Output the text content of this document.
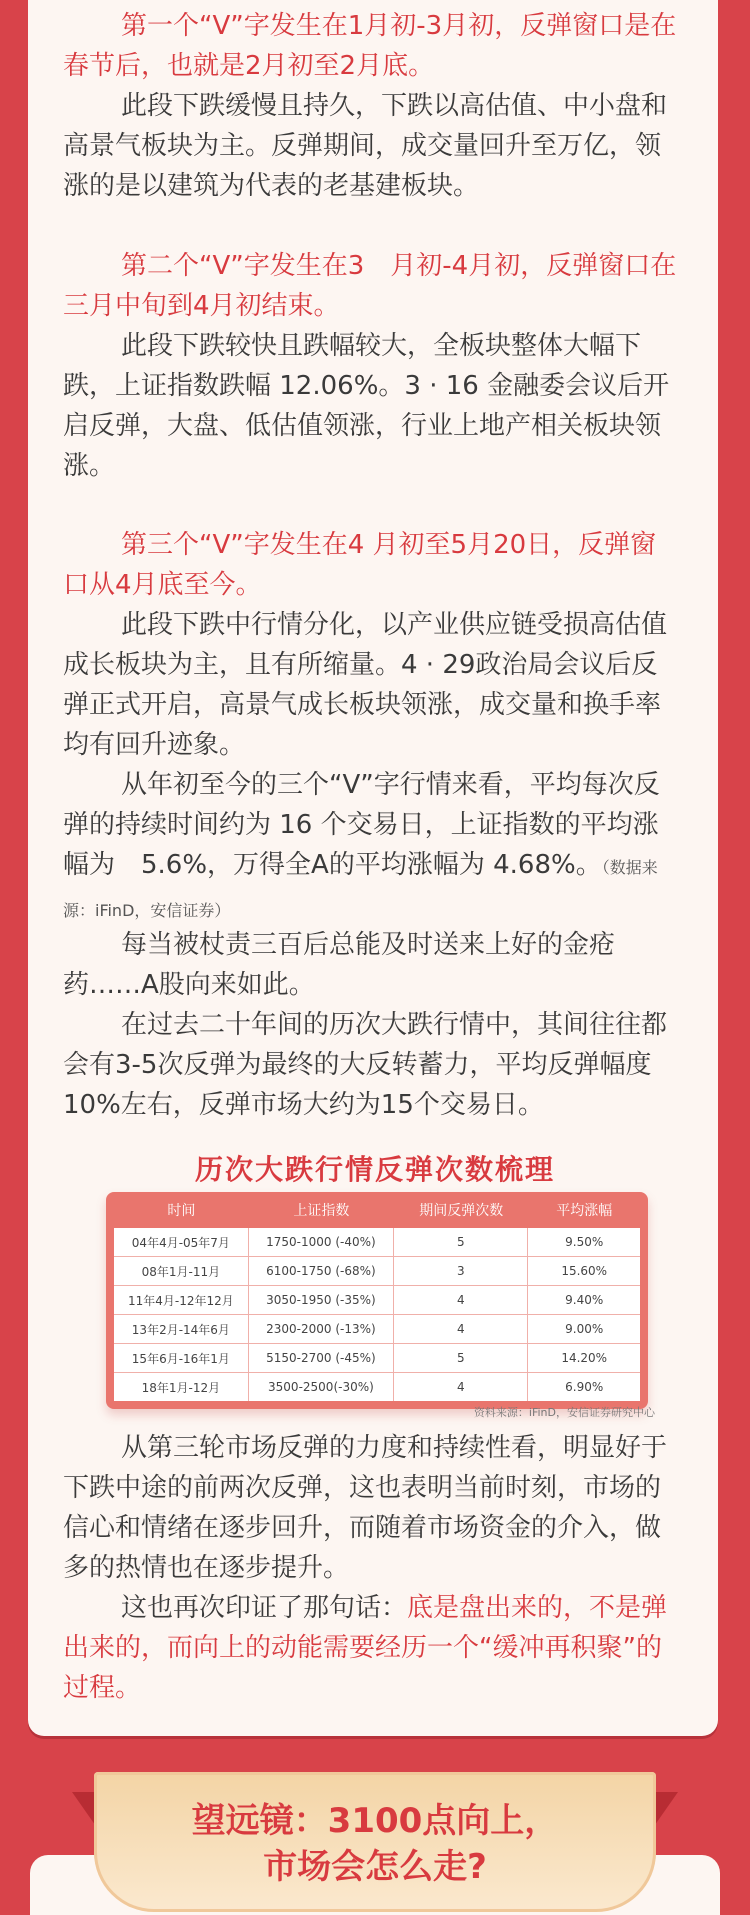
第一个“V”字发生在1月初-3月初，反弹窗口是在春节后，也就是2月初至2月底。

此段下跌缓慢且持久，下跌以高估值、中小盘和高景气板块为主。反弹期间，成交量回升至万亿，领涨的是以建筑为代表的老基建板块。

第二个“V”字发生在3　月初-4月初，反弹窗口在三月中旬到4月初结束。

此段下跌较快且跌幅较大，全板块整体大幅下跌，上证指数跌幅 12.06%。3 · 16 金融委会议后开启反弹，大盘、低估值领涨，行业上地产相关板块领涨。

第三个“V”字发生在4 月初至5月20日，反弹窗口从4月底至今。

此段下跌中行情分化，以产业供应链受损高估值成长板块为主，且有所缩量。4 · 29政治局会议后反弹正式开启，高景气成长板块领涨，成交量和换手率均有回升迹象。

从年初至今的三个“V”字行情来看，平均每次反弹的持续时间约为 16 个交易日，上证指数的平均涨幅为　5.6%，万得全A的平均涨幅为 4.68%。（数据来源：iFinD，安信证券）

每当被杖责三百后总能及时送来上好的金疮药……A股向来如此。

在过去二十年间的历次大跌行情中，其间往往都会有3-5次反弹为最终的大反转蓄力，平均反弹幅度10%左右，反弹市场大约为15个交易日。

历次大跌行情反弹次数梳理
时间	上证指数	期间反弹次数	平均涨幅
04年4月-05年7月	1750-1000 (-40%)	5	9.50%
08年1月-11月	6100-1750 (-68%)	3	15.60%
11年4月-12年12月	3050-1950 (-35%)	4	9.40%
13年2月-14年6月	2300-2000 (-13%)	4	9.00%
15年6月-16年1月	5150-2700 (-45%)	5	14.20%
18年1月-12月	3500-2500(-30%)	4	6.90%
资料来源：iFinD，安信证券研究中心

从第三轮市场反弹的力度和持续性看，明显好于下跌中途的前两次反弹，这也表明当前时刻，市场的信心和情绪在逐步回升，而随着市场资金的介入，做多的热情也在逐步提升。

这也再次印证了那句话：底是盘出来的，不是弹出来的，而向上的动能需要经历一个“缓冲再积聚”的过程。

望远镜：3100点向上，
市场会怎么走?
